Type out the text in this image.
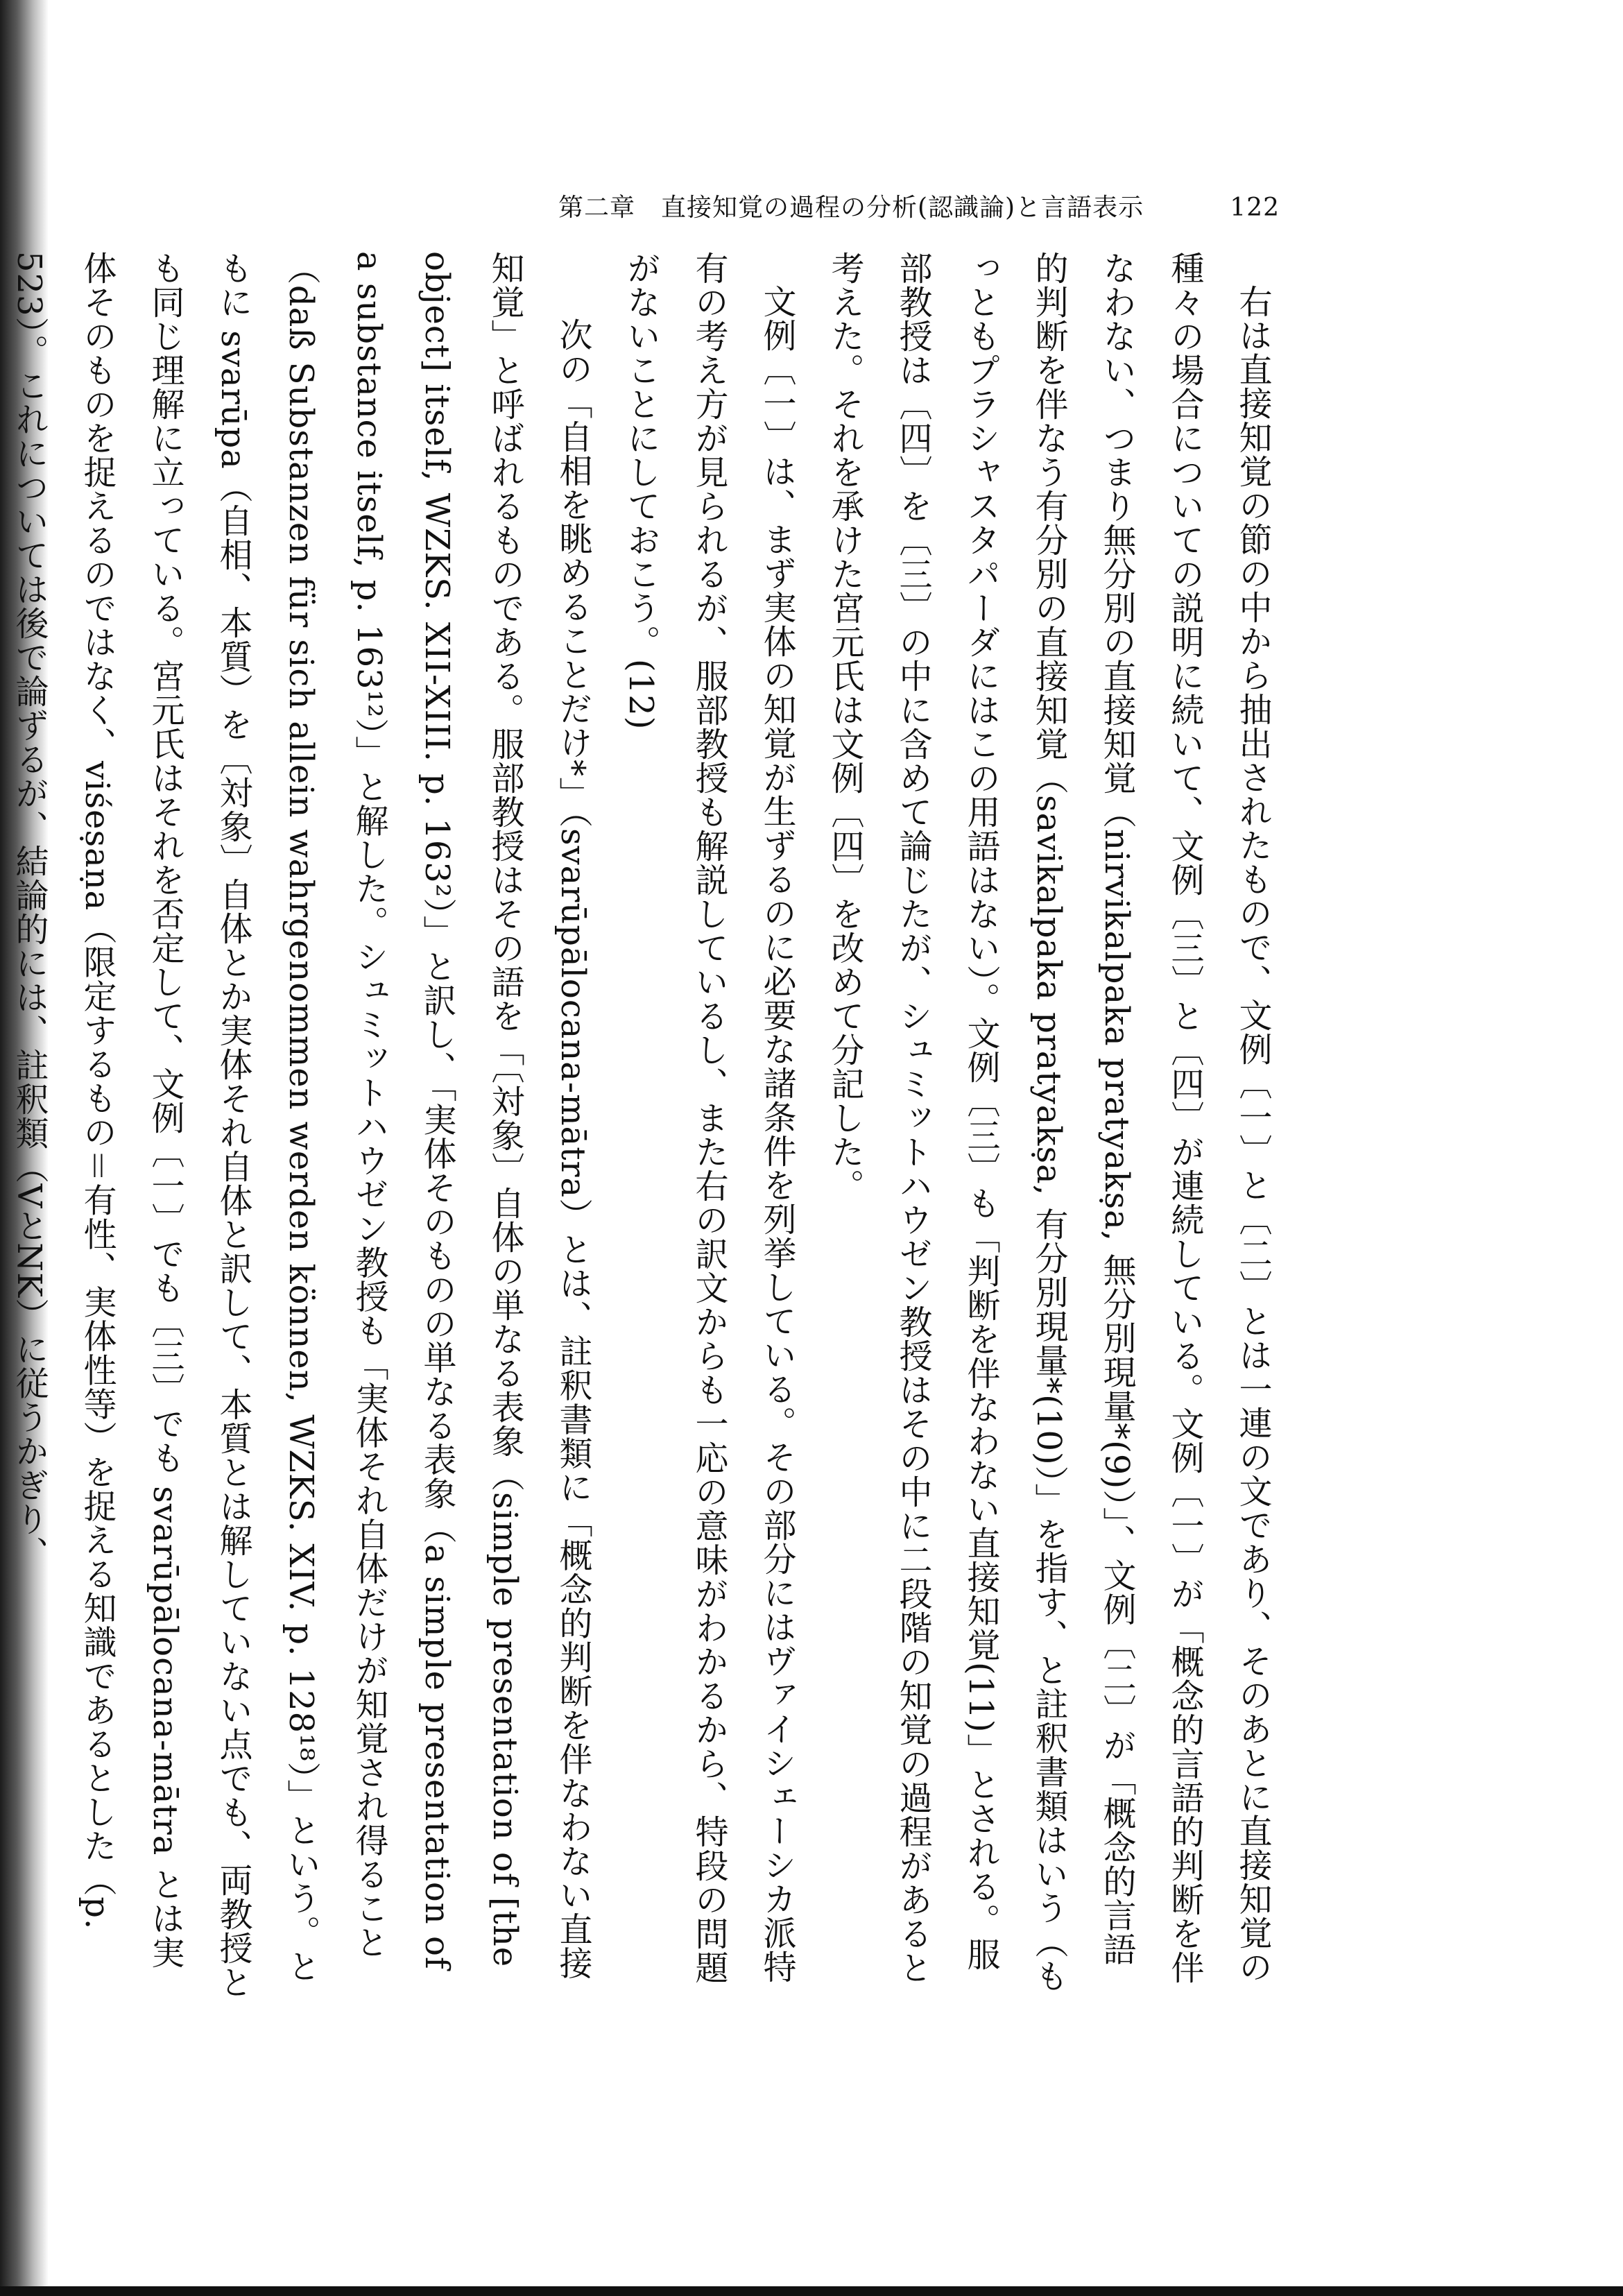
第二章　直接知覚の過程の分析(認識論)と言語表示	122

右は直接知覚の節の中から抽出されたもので、文例〔一〕と〔二〕とは一連の文であり、そのあとに直接知覚の種々の場合についての説明に続いて、文例〔三〕と〔四〕が連続している。文例〔一〕が「概念的言語的判断を伴なわない、つまり無分別の直接知覚（nirvikalpaka pratyakṣa, 無分別現量*(9)）」、文例〔二〕が「概念的言語的判断を伴なう有分別の直接知覚（savikalpaka pratyakṣa, 有分別現量*(10)）」を指す、と註釈書類はいう（もっともプラシャスタパーダにはこの用語はない）。文例〔三〕も「判断を伴なわない直接知覚(11)」とされる。服部教授は〔四〕を〔三〕の中に含めて論じたが、シュミットハウゼン教授はその中に二段階の知覚の過程があると考えた。それを承けた宮元氏は文例〔四〕を改めて分記した。

文例〔一〕は、まず実体の知覚が生ずるのに必要な諸条件を列挙している。その部分にはヴァイシェーシカ派特有の考え方が見られるが、服部教授も解説しているし、また右の訳文からも一応の意味がわかるから、特段の問題がないことにしておこう。(12)

次の「自相を眺めることだけ*」（svarūpālocana-mātra）とは、註釈書類に「概念的判断を伴なわない直接知覚」と呼ばれるものである。服部教授はその語を「〔対象〕自体の単なる表象（simple presentation of [the object] itself, WZKS. XII-XIII. p. 163²）」と訳し、「実体そのものの単なる表象（a simple presentation of a substance itself, p. 163¹²）」と解した。シュミットハウゼン教授も「実体それ自体だけが知覚され得ること（daß Substanzen für sich allein wahrgenommen werden können, WZKS. XIV. p. 128¹⁸）」という。ともに svarūpa（自相、本質）を〔対象〕自体とか実体それ自体と訳して、本質とは解していない点でも、両教授とも同じ理解に立っている。宮元氏はそれを否定して、文例〔一〕でも〔三〕でも svarūpālocana-mātra とは実体そのものを捉えるのではなく、viśeṣaṇa（限定するもの＝有性、実体性等）を捉える知識であるとした（p. 523）。これについては後で論ずるが、結論的には、註釈類（VとNK）に従うかぎり、
